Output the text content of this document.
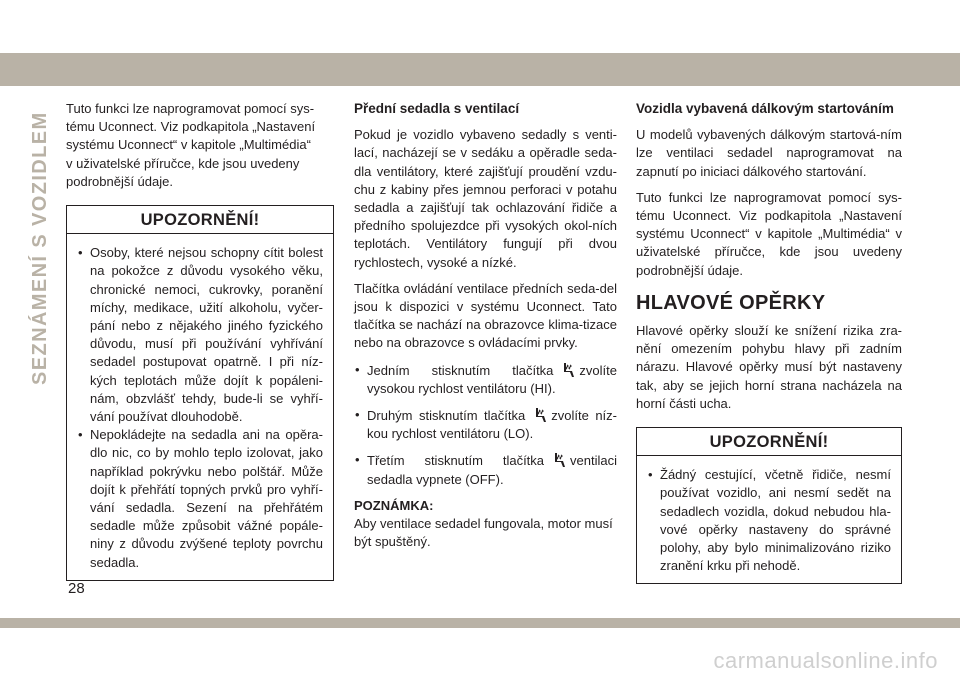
SEZNÁMENÍ S VOZIDLEM

Tuto funkci lze naprogramovat pomocí sys-
tému Uconnect. Viz podkapitola „Nastavení
systému Uconnect“ v kapitole „Multimédia“
v uživatelské příručce, kde jsou uvedeny
podrobnější údaje.

UPOZORNĚNÍ!
• Osoby, které nejsou schopny cítit bolest na pokožce z důvodu vysokého věku, chronické nemoci, cukrovky, poranění míchy, medikace, užití alkoholu, vyčer-pání nebo z nějakého jiného fyzického důvodu, musí při používání vyhřívání sedadel postupovat opatrně. I při níz-kých teplotách může dojít k popáleni-nám, obzvlášť tehdy, bude-li se vyhří-vání používat dlouhodobě.
• Nepokládejte na sedadla ani na opěra-dlo nic, co by mohlo teplo izolovat, jako například pokrývku nebo polštář. Může dojít k přehřátí topných prvků pro vyhří-vání sedadla. Sezení na přehřátém sedadle může způsobit vážné popále-niny z důvodu zvýšené teploty povrchu sedadla.
Přední sedadla s ventilací

Pokud je vozidlo vybaveno sedadly s venti-lací, nacházejí se v sedáku a opěradle seda-dla ventilátory, které zajišťují proudění vzdu-chu z kabiny přes jemnou perforaci v potahu sedadla a zajišťují tak ochlazování řidiče a předního spolujezdce při vysokých okol-ních teplotách. Ventilátory fungují při dvou rychlostech, vysoké a nízké.

Tlačítka ovládání ventilace předních seda-del jsou k dispozici v systému Uconnect. Tato tlačítka se nachází na obrazovce klima-tizace nebo na obrazovce s ovládacími prvky.

• Jedním stisknutím tlačítka zvolíte vysokou rychlost ventilátoru (HI).
• Druhým stisknutím tlačítka zvolíte níz-kou rychlost ventilátoru (LO).
• Třetím stisknutím tlačítka ventilaci sedadla vypnete (OFF).
POZNÁMKA:

Aby ventilace sedadel fungovala, motor musí být spuštěný.

Vozidla vybavená dálkovým startováním

U modelů vybavených dálkovým startová-ním lze ventilaci sedadel naprogramovat na zapnutí po iniciaci dálkového startování.

Tuto funkci lze naprogramovat pomocí sys-tému Uconnect. Viz podkapitola „Nastavení systému Uconnect“ v kapitole „Multimédia“ v uživatelské příručce, kde jsou uvedeny podrobnější údaje.

HLAVOVÉ OPĚRKY

Hlavové opěrky slouží ke snížení rizika zra-nění omezením pohybu hlavy při zadním nárazu. Hlavové opěrky musí být nastaveny tak, aby se jejich horní strana nacházela na horní části ucha.

UPOZORNĚNÍ!
• Žádný cestující, včetně řidiče, nesmí používat vozidlo, ani nesmí sedět na sedadlech vozidla, dokud nebudou hla-vové opěrky nastaveny do správné polohy, aby bylo minimalizováno riziko zranění krku při nehodě.
28
carmanualsonline.info
